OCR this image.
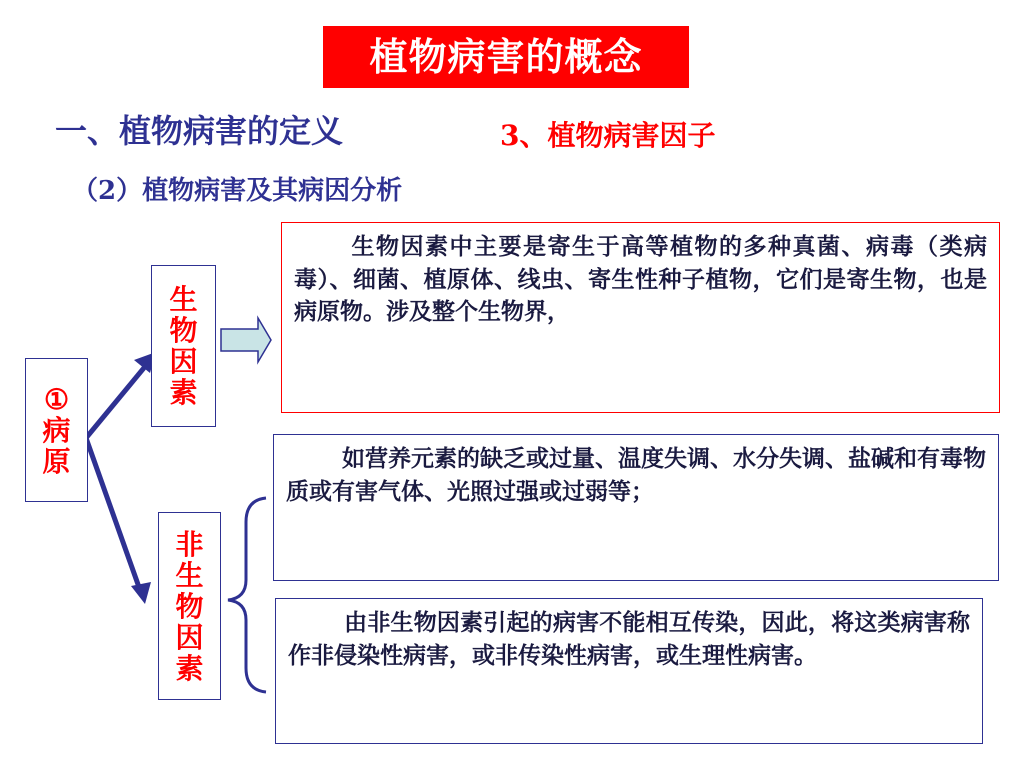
植物病害的概念
一、植物病害的定义	3、植物病害因子
（2）植物病害及其病因分析
①
病
原
生
物
因
素
非
生
物
因
素
生物因素中主要是寄生于高等植物的多种真菌、病毒（类病毒）、细菌、植原体、线虫、寄生性种子植物，它们是寄生物，也是病原物。涉及整个生物界，
如营养元素的缺乏或过量、温度失调、水分失调、盐碱和有毒物质或有害气体、光照过强或过弱等；
由非生物因素引起的病害不能相互传染，因此，将这类病害称作非侵染性病害，或非传染性病害，或生理性病害。
